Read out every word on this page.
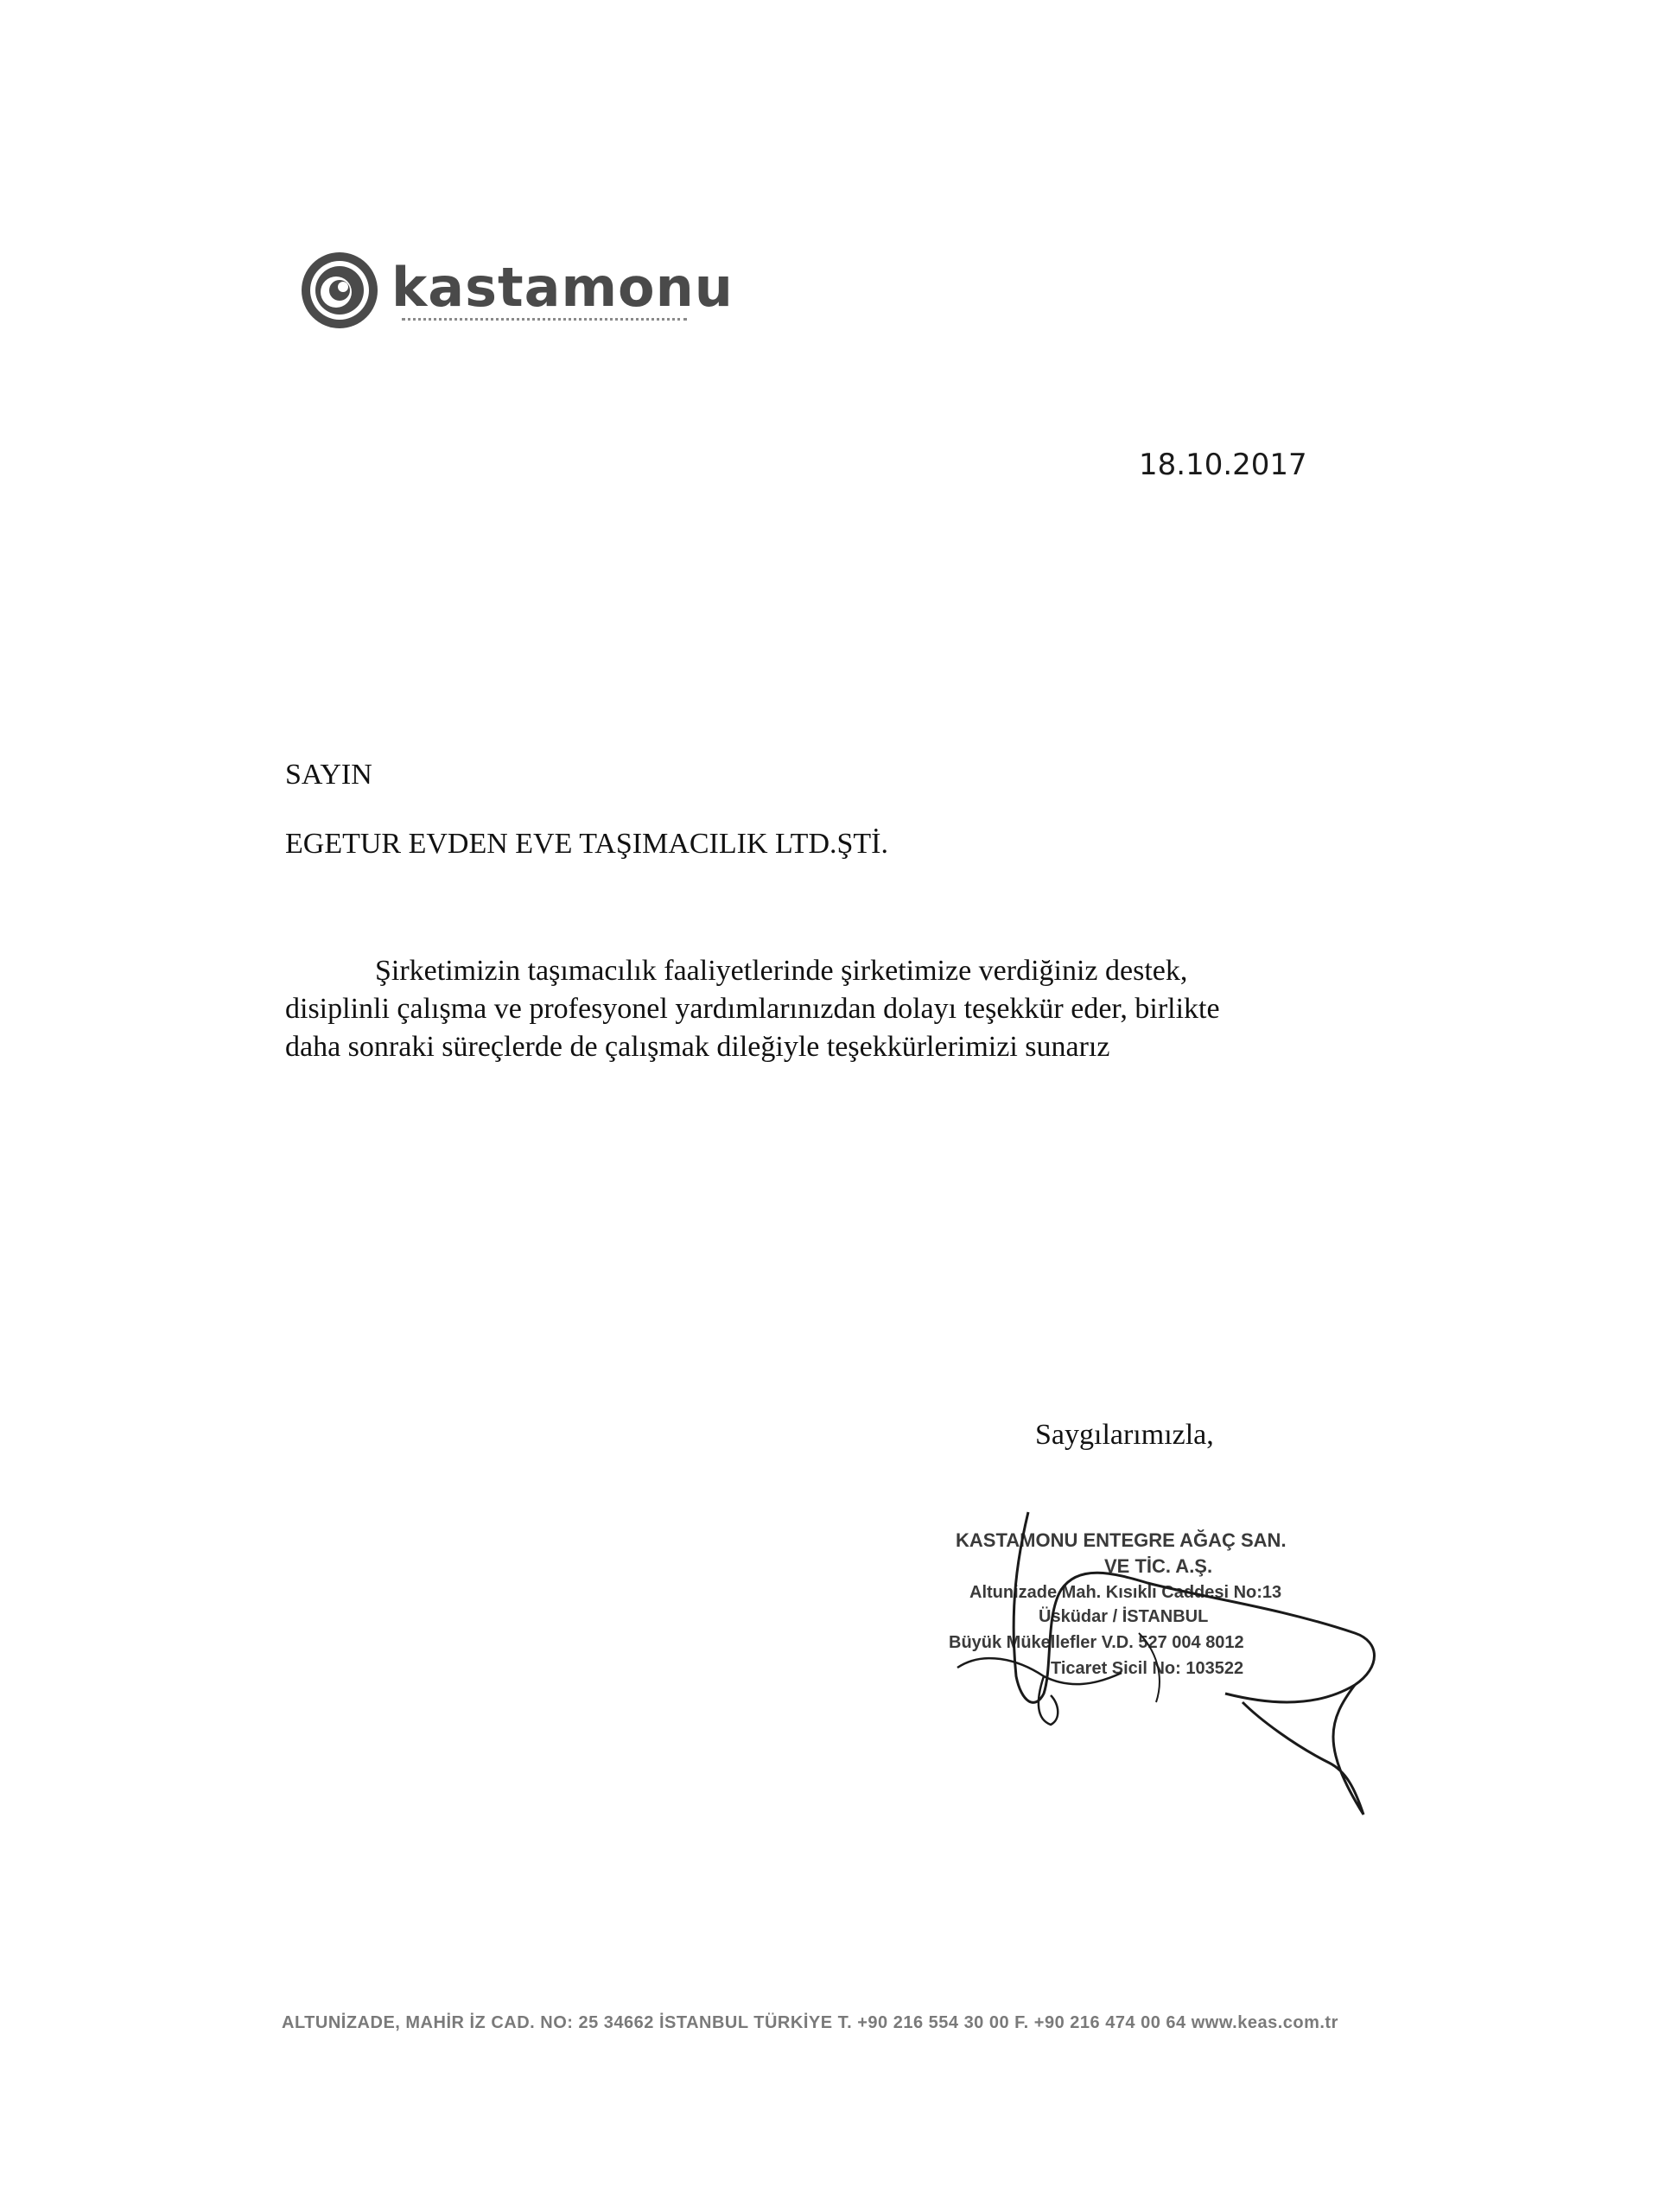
kastamonu
18.10.2017
SAYIN
EGETUR EVDEN EVE TAŞIMACILIK LTD.ŞTİ.
Şirketimizin taşımacılık faaliyetlerinde şirketimize verdiğiniz destek,
disiplinli çalışma ve profesyonel yardımlarınızdan dolayı teşekkür eder, birlikte
daha sonraki süreçlerde de çalışmak dileğiyle teşekkürlerimizi sunarız
Saygılarımızla,
KASTAMONU ENTEGRE AĞAÇ SAN.
VE TİC. A.Ş.
Altunizade Mah. Kısıklı Caddesi No:13
Üsküdar / İSTANBUL
Büyük Mükellefler V.D. 527 004 8012
Ticaret Sicil No: 103522
ALTUNİZADE, MAHİR İZ CAD. NO: 25 34662 İSTANBUL TÜRKİYE T. +90 216 554 30 00 F. +90 216 474 00 64 www.keas.com.tr
